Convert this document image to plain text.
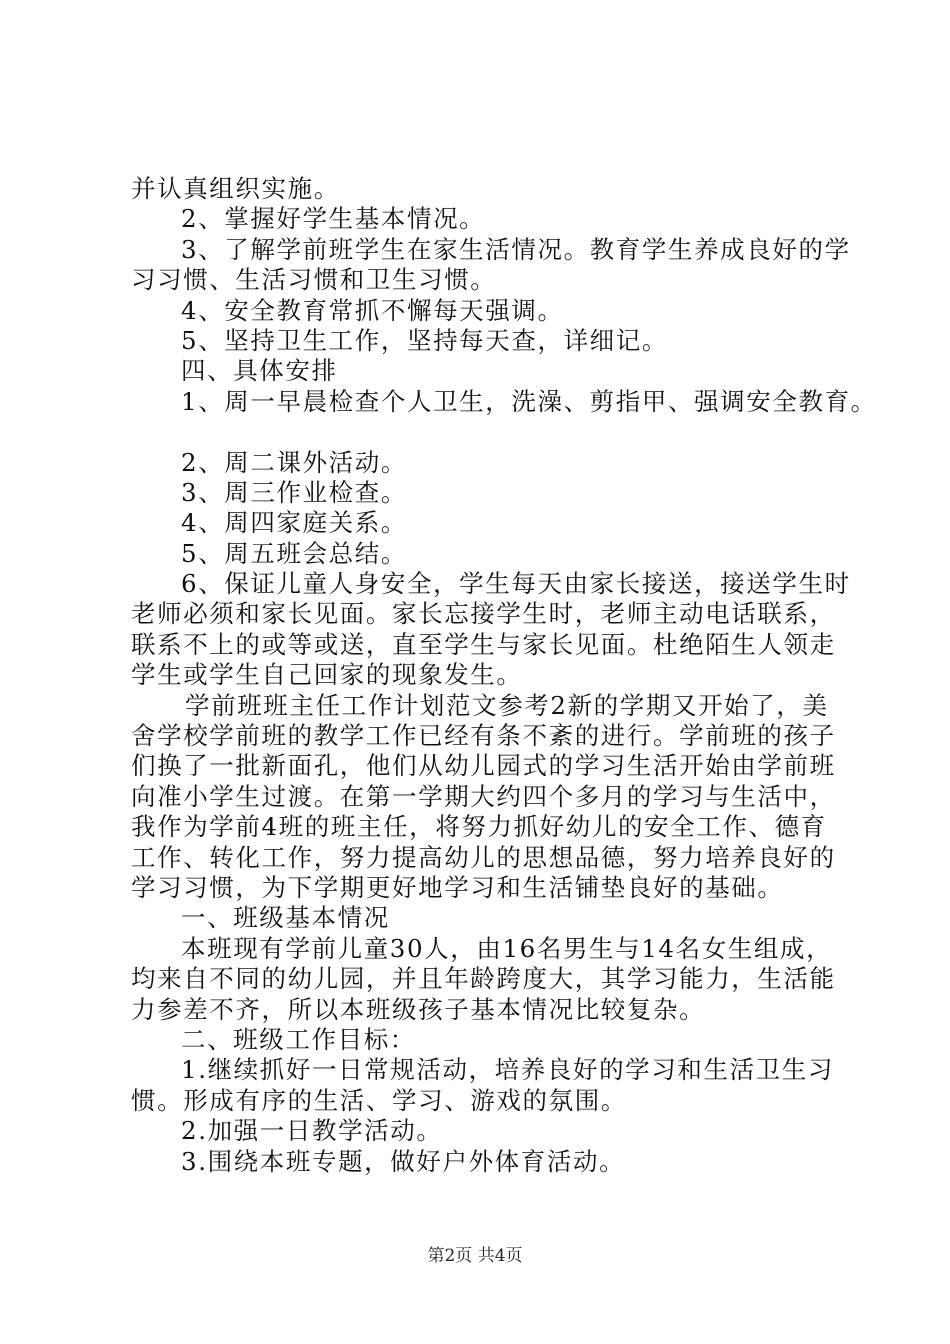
并认真组织实施。
2、掌握好学生基本情况。
3、了解学前班学生在家生活情况。教育学生养成良好的学
习习惯、生活习惯和卫生习惯。
4、安全教育常抓不懈每天强调。
5、坚持卫生工作，坚持每天查，详细记。
四、具体安排
1、周一早晨检查个人卫生，洗澡、剪指甲、强调安全教育。
2、周二课外活动。
3、周三作业检查。
4、周四家庭关系。
5、周五班会总结。
6、保证儿童人身安全，学生每天由家长接送，接送学生时
老师必须和家长见面。家长忘接学生时，老师主动电话联系，
联系不上的或等或送，直至学生与家长见面。杜绝陌生人领走
学生或学生自己回家的现象发生。
学前班班主任工作计划范文参考2新的学期又开始了，美
舍学校学前班的教学工作已经有条不紊的进行。学前班的孩子
们换了一批新面孔，他们从幼儿园式的学习生活开始由学前班
向准小学生过渡。在第一学期大约四个多月的学习与生活中，
我作为学前4班的班主任，将努力抓好幼儿的安全工作、德育
工作、转化工作，努力提高幼儿的思想品德，努力培养良好的
学习习惯，为下学期更好地学习和生活铺垫良好的基础。
一、班级基本情况
本班现有学前儿童30人，由16名男生与14名女生组成，
均来自不同的幼儿园，并且年龄跨度大，其学习能力，生活能
力参差不齐，所以本班级孩子基本情况比较复杂。
二、班级工作目标：
1.继续抓好一日常规活动，培养良好的学习和生活卫生习
惯。形成有序的生活、学习、游戏的氛围。
2.加强一日教学活动。
3.围绕本班专题，做好户外体育活动。
第2页 共4页
